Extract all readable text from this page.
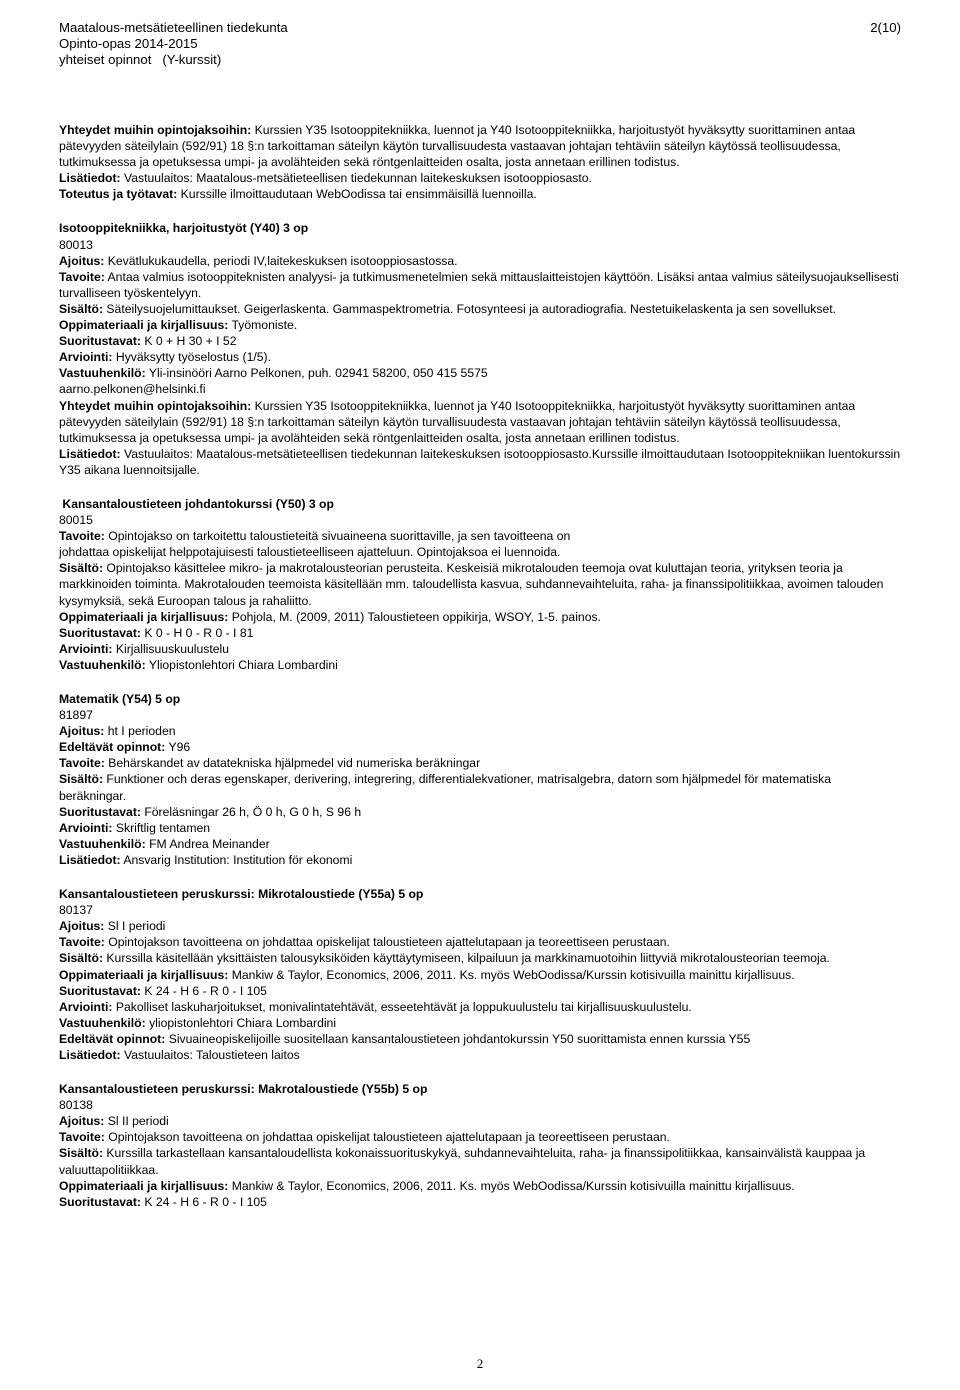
Maatalous-metsätieteellinen tiedekunta
Opinto-opas 2014-2015
yhteiset opinnot   (Y-kurssit)
2(10)

Yhteydet muihin opintojaksoihin: Kurssien Y35 Isotooppitekniikka, luennot ja Y40 Isotooppitekniikka, harjoitustyöt hyväksytty suorittaminen antaa pätevyyden säteilylain (592/91) 18 §:n tarkoittaman säteilyn käytön turvallisuudesta vastaavan johtajan tehtäviin säteilyn käytössä teollisuudessa, tutkimuksessa ja opetuksessa umpi- ja avolähteiden sekä röntgenlaitteiden osalta, josta annetaan erillinen todistus.

Lisätiedot: Vastuulaitos: Maatalous-metsätieteellisen tiedekunnan laitekeskuksen isotooppiosasto.

Toteutus ja työtavat: Kurssille ilmoittaudutaan WebOodissa tai ensimmäisillä luennoilla.

Isotooppitekniikka, harjoitustyöt (Y40) 3 op

80013

Ajoitus: Kevätlukukaudella, periodi IV,laitekeskuksen isotooppiosastossa.

Tavoite: Antaa valmius isotooppiteknisten analyysi- ja tutkimusmenetelmien sekä mittauslaitteistojen käyttöön. Lisäksi antaa valmius säteilysuojauksellisesti turvalliseen työskentelyyn.

Sisältö: Säteilysuojelumittaukset. Geigerlaskenta. Gammaspektrometria. Fotosynteesi ja autoradiografia. Nestetuikelaskenta ja sen sovellukset.

Oppimateriaali ja kirjallisuus: Työmoniste.

Suoritustavat: K 0 + H 30 + I 52

Arviointi: Hyväksytty työselostus (1/5).

Vastuuhenkilö: Yli-insinööri Aarno Pelkonen, puh. 02941 58200, 050 415 5575

aarno.pelkonen@helsinki.fi

Yhteydet muihin opintojaksoihin: Kurssien Y35 Isotooppitekniikka, luennot ja Y40 Isotooppitekniikka, harjoitustyöt hyväksytty suorittaminen antaa pätevyyden säteilylain (592/91) 18 §:n tarkoittaman säteilyn käytön turvallisuudesta vastaavan johtajan tehtäviin säteilyn käytössä teollisuudessa, tutkimuksessa ja opetuksessa umpi- ja avolähteiden sekä röntgenlaitteiden osalta, josta annetaan erillinen todistus.

Lisätiedot: Vastuulaitos: Maatalous-metsätieteellisen tiedekunnan laitekeskuksen isotooppiosasto.Kurssille ilmoittaudutaan Isotooppitekniikan luentokurssin Y35 aikana luennoitsijalle.

Kansantaloustieteen johdantokurssi (Y50) 3 op

80015

Tavoite: Opintojakso on tarkoitettu taloustieteitä sivuaineena suorittaville, ja sen tavoitteena on
johdattaa opiskelijat helppotajuisesti taloustieteelliseen ajatteluun. Opintojaksoa ei luennoida.

Sisältö: Opintojakso käsittelee mikro- ja makrotalousteorian perusteita. Keskeisiä mikrotalouden teemoja ovat kuluttajan teoria, yrityksen teoria ja markkinoiden toiminta. Makrotalouden teemoista käsitellään mm. taloudellista kasvua, suhdannevaihteluita, raha- ja finanssipolitiikkaa, avoimen talouden kysymyksiä, sekä Euroopan talous ja rahaliitto.

Oppimateriaali ja kirjallisuus: Pohjola, M. (2009, 2011) Taloustieteen oppikirja, WSOY, 1-5. painos.

Suoritustavat: K 0 - H 0 - R 0 - I 81

Arviointi: Kirjallisuuskuulustelu

Vastuuhenkilö: Yliopistonlehtori Chiara Lombardini

Matematik (Y54) 5 op

81897

Ajoitus: ht I perioden

Edeltävät opinnot: Y96

Tavoite: Behärskandet av datatekniska hjälpmedel vid numeriska beräkningar

Sisältö: Funktioner och deras egenskaper, derivering, integrering, differentialekvationer, matrisalgebra, datorn som hjälpmedel för matematiska beräkningar.

Suoritustavat: Föreläsningar 26 h, Ö 0 h, G 0 h, S 96 h

Arviointi: Skriftlig tentamen

Vastuuhenkilö: FM Andrea Meinander

Lisätiedot: Ansvarig Institution: Institution för ekonomi

Kansantaloustieteen peruskurssi: Mikrotaloustiede (Y55a) 5 op

80137

Ajoitus: Sl I periodi

Tavoite: Opintojakson tavoitteena on johdattaa opiskelijat taloustieteen ajattelutapaan ja teoreettiseen perustaan.

Sisältö: Kurssilla käsitellään yksittäisten talousyksiköiden käyttäytymiseen, kilpailuun ja markkinamuotoihin liittyviä mikrotalousteorian teemoja.

Oppimateriaali ja kirjallisuus: Mankiw & Taylor, Economics, 2006, 2011. Ks. myös WebOodissa/Kurssin kotisivuilla mainittu kirjallisuus.

Suoritustavat: K 24 - H 6 - R 0 - I 105

Arviointi: Pakolliset laskuharjoitukset, monivalintatehtävät, esseetehtävät ja loppukuulustelu tai kirjallisuuskuulustelu.

Vastuuhenkilö: yliopistonlehtori Chiara Lombardini

Edeltävät opinnot: Sivuaineopiskelijoille suositellaan kansantaloustieteen johdantokurssin Y50 suorittamista ennen kurssia Y55

Lisätiedot: Vastuulaitos: Taloustieteen laitos

Kansantaloustieteen peruskurssi: Makrotaloustiede (Y55b) 5 op

80138

Ajoitus: Sl II periodi

Tavoite: Opintojakson tavoitteena on johdattaa opiskelijat taloustieteen ajattelutapaan ja teoreettiseen perustaan.

Sisältö: Kurssilla tarkastellaan kansantaloudellista kokonaissuorituskykyä, suhdannevaihteluita, raha- ja finanssipolitiikkaa, kansainvälistä kauppaa ja valuuttapolitiikkaa.

Oppimateriaali ja kirjallisuus: Mankiw & Taylor, Economics, 2006, 2011. Ks. myös WebOodissa/Kurssin kotisivuilla mainittu kirjallisuus.

Suoritustavat: K 24 - H 6 - R 0 - I 105

2
